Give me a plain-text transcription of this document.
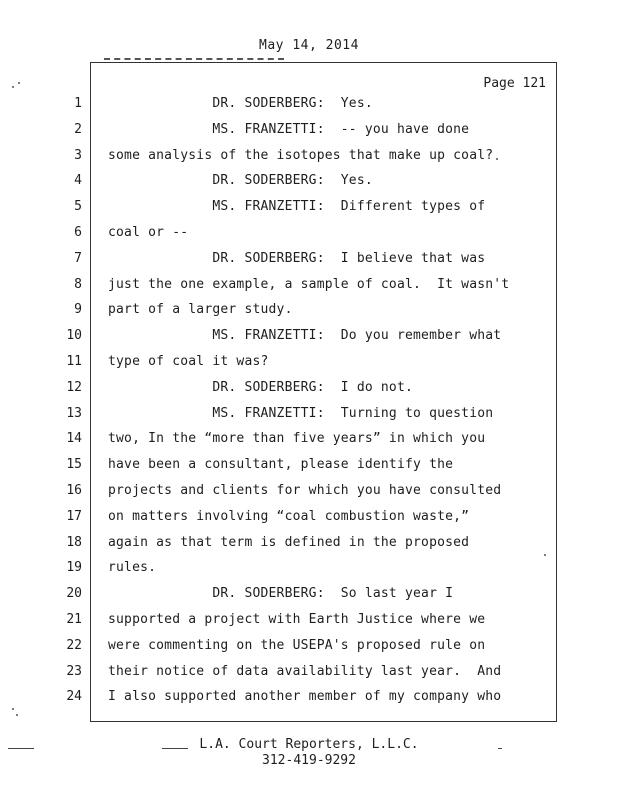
May 14, 2014
Page 121
1 DR. SODERBERG:  Yes.
2 MS. FRANZETTI:  -- you have done
3 some analysis of the isotopes that make up coal?
4 DR. SODERBERG:  Yes.
5 MS. FRANZETTI:  Different types of
6 coal or --
7 DR. SODERBERG:  I believe that was
8 just the one example, a sample of coal.  It wasn't
9 part of a larger study.
10 MS. FRANZETTI:  Do you remember what
11 type of coal it was?
12 DR. SODERBERG:  I do not.
13 MS. FRANZETTI:  Turning to question
14 two, In the “more than five years” in which you
15 have been a consultant, please identify the
16 projects and clients for which you have consulted
17 on matters involving “coal combustion waste,”
18 again as that term is defined in the proposed
19 rules.
20 DR. SODERBERG:  So last year I
21 supported a project with Earth Justice where we
22 were commenting on the USEPA's proposed rule on
23 their notice of data availability last year.  And
24 I also supported another member of my company who
L.A. Court Reporters, L.L.C.
312-419-9292
